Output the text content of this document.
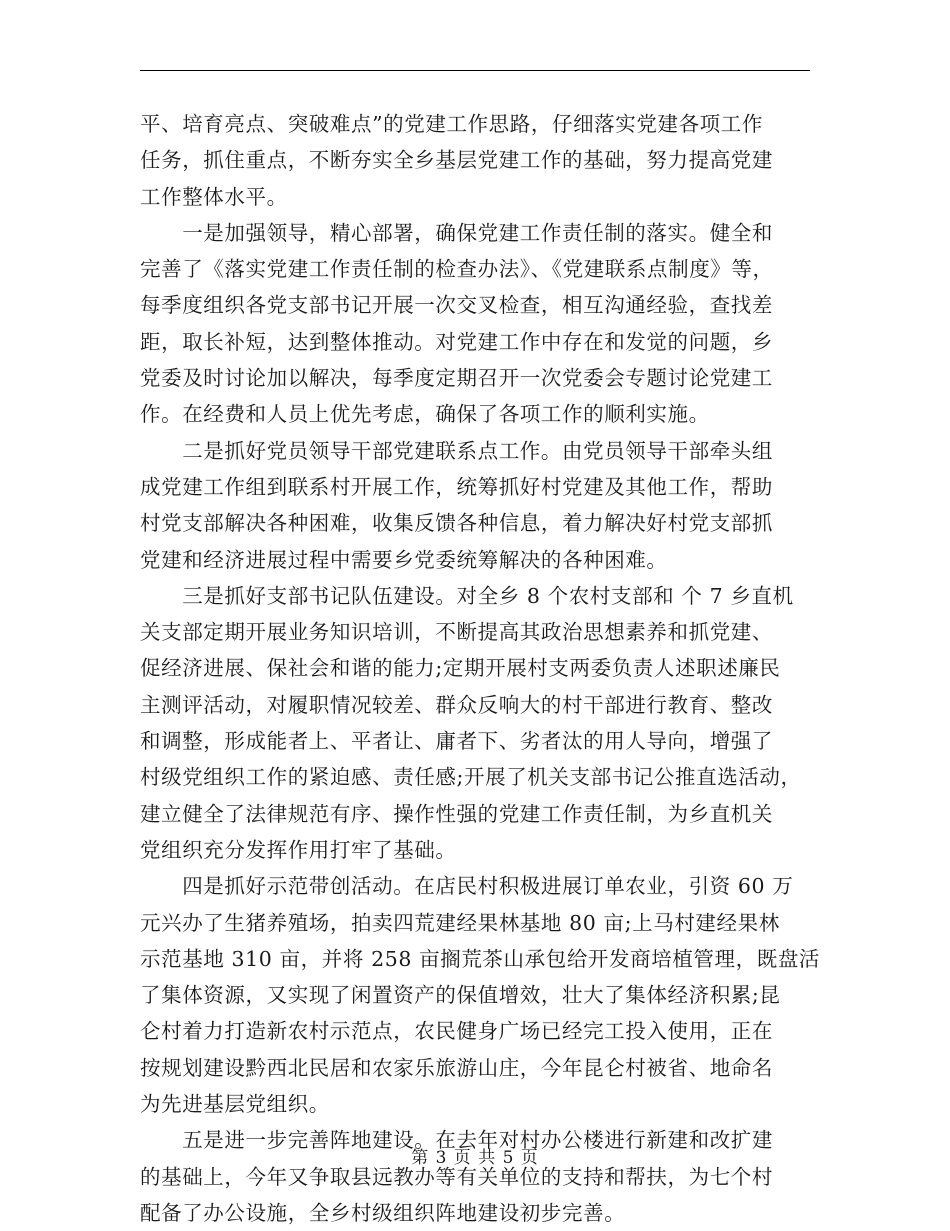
平、培育亮点、突破难点”的党建工作思路，仔细落实党建各项工作
任务，抓住重点，不断夯实全乡基层党建工作的基础，努力提高党建
工作整体水平。
　　一是加强领导，精心部署，确保党建工作责任制的落实。健全和
完善了《落实党建工作责任制的检查办法》、《党建联系点制度》等，
每季度组织各党支部书记开展一次交叉检查，相互沟通经验，查找差
距，取长补短，达到整体推动。对党建工作中存在和发觉的问题，乡
党委及时讨论加以解决，每季度定期召开一次党委会专题讨论党建工
作。在经费和人员上优先考虑，确保了各项工作的顺利实施。
　　二是抓好党员领导干部党建联系点工作。由党员领导干部牵头组
成党建工作组到联系村开展工作，统筹抓好村党建及其他工作，帮助
村党支部解决各种困难，收集反馈各种信息，着力解决好村党支部抓
党建和经济进展过程中需要乡党委统筹解决的各种困难。
　　三是抓好支部书记队伍建设。对全乡 8 个农村支部和 个 7 乡直机
关支部定期开展业务知识培训，不断提高其政治思想素养和抓党建、
促经济进展、保社会和谐的能力;定期开展村支两委负责人述职述廉民
主测评活动，对履职情况较差、群众反响大的村干部进行教育、整改
和调整，形成能者上、平者让、庸者下、劣者汰的用人导向，增强了
村级党组织工作的紧迫感、责任感;开展了机关支部书记公推直选活动，
建立健全了法律规范有序、操作性强的党建工作责任制，为乡直机关
党组织充分发挥作用打牢了基础。
　　四是抓好示范带创活动。在店民村积极进展订单农业，引资 60 万
元兴办了生猪养殖场，拍卖四荒建经果林基地 80 亩;上马村建经果林
示范基地 310 亩，并将 258 亩搁荒茶山承包给开发商培植管理，既盘活
了集体资源，又实现了闲置资产的保值增效，壮大了集体经济积累;昆
仑村着力打造新农村示范点，农民健身广场已经完工投入使用，正在
按规划建设黔西北民居和农家乐旅游山庄，今年昆仑村被省、地命名
为先进基层党组织。
　　五是进一步完善阵地建设。在去年对村办公楼进行新建和改扩建
的基础上，今年又争取县远教办等有关单位的支持和帮扶，为七个村
配备了办公设施，全乡村级组织阵地建设初步完善。
第 3 页 共 5 页
